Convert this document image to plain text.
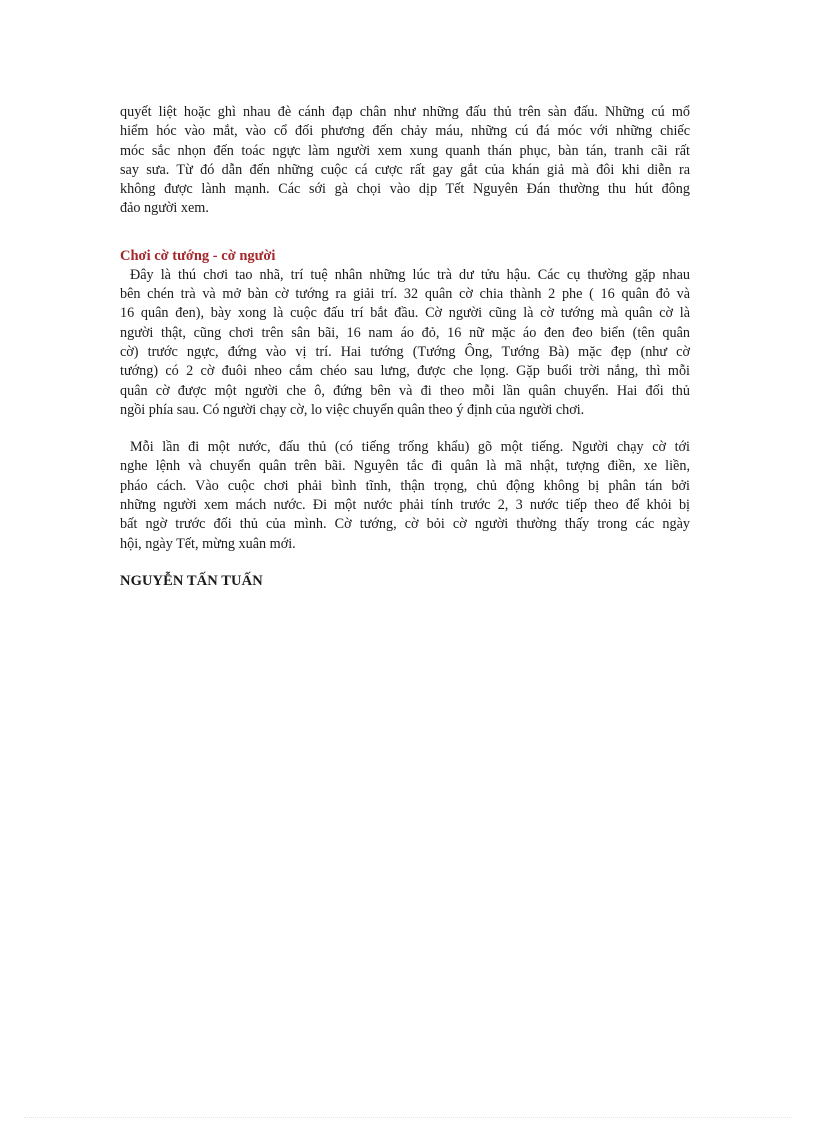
quyết liệt hoặc ghì nhau đè cánh đạp chân như những đấu thủ trên sàn đấu. Những cú mổ
hiểm hóc vào mắt, vào cổ đối phương đến chảy máu, những cú đá móc với những chiếc
móc sắc nhọn đến toác ngực làm người xem xung quanh thán phục, bàn tán, tranh cãi rất
say sưa. Từ đó dẫn đến những cuộc cá cược rất gay gắt của khán giả mà đôi khi diễn ra
không được lành mạnh. Các sới gà chọi vào dịp Tết Nguyên Đán thường thu hút đông
đảo người xem.

Chơi cờ tướng - cờ người

Đây là thú chơi tao nhã, trí tuệ nhân những lúc trà dư tửu hậu. Các cụ thường gặp nhau
bên chén trà và mở bàn cờ tướng ra giải trí. 32 quân cờ chia thành 2 phe ( 16 quân đỏ và
16 quân đen), bày xong là cuộc đấu trí bắt đầu. Cờ người cũng là cờ tướng mà quân cờ là
người thật, cũng chơi trên sân bãi, 16 nam áo đỏ, 16 nữ mặc áo đen đeo biển (tên quân
cờ) trước ngực, đứng vào vị trí. Hai tướng (Tướng Ông, Tướng Bà) mặc đẹp (như cờ
tướng) có 2 cờ đuôi nheo cắm chéo sau lưng, được che lọng. Gặp buổi trời nắng, thì mỗi
quân cờ được một người che ô, đứng bên và đi theo mỗi lần quân chuyển. Hai đối thủ
ngồi phía sau. Có người chạy cờ, lo việc chuyển quân theo ý định của người chơi.

Mỗi lần đi một nước, đấu thủ (có tiếng trống khẩu) gõ một tiếng. Người chạy cờ tới
nghe lệnh và chuyển quân trên bãi. Nguyên tắc đi quân là mã nhật, tượng điền, xe liền,
pháo cách. Vào cuộc chơi phải bình tĩnh, thận trọng, chủ động không bị phân tán bởi
những người xem mách nước. Đi một nước phải tính trước 2, 3 nước tiếp theo để khỏi bị
bất ngờ trước đối thủ của mình. Cờ tướng, cờ bỏi cờ người thường thấy trong các ngày
hội, ngày Tết, mừng xuân mới.

NGUYỄN TẤN TUẤN
